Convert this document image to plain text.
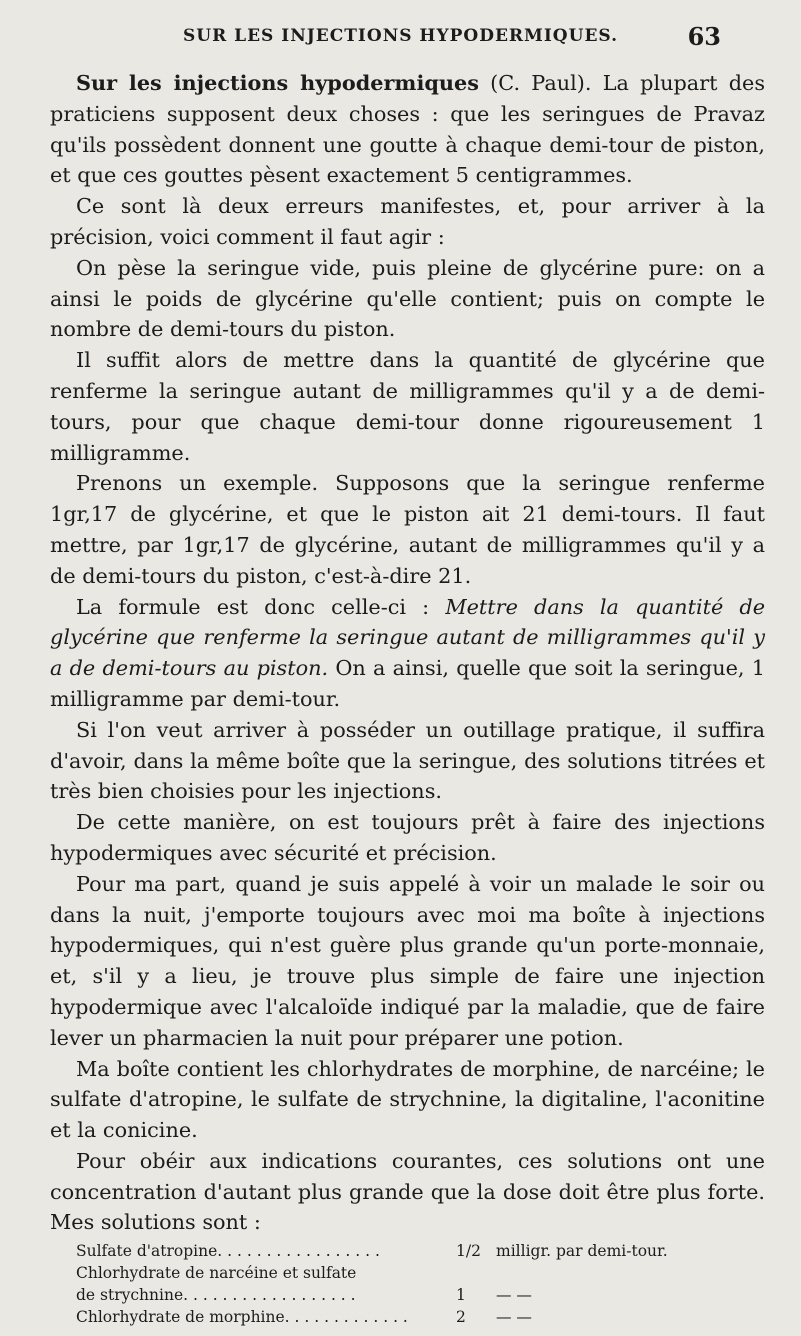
SUR LES INJECTIONS HYPODERMIQUES.	63

Sur les injections hypodermiques (C. Paul). La plupart des praticiens supposent deux choses : que les seringues de Pravaz qu'ils possèdent donnent une goutte à chaque demi-tour de piston, et que ces gouttes pèsent exactement 5 centigrammes.

Ce sont là deux erreurs manifestes, et, pour arriver à la précision, voici comment il faut agir :

On pèse la seringue vide, puis pleine de glycérine pure: on a ainsi le poids de glycérine qu'elle contient; puis on compte le nombre de demi-tours du piston.

Il suffit alors de mettre dans la quantité de glycérine que renferme la seringue autant de milligrammes qu'il y a de demi-tours, pour que chaque demi-tour donne rigoureusement 1 milligramme.

Prenons un exemple. Supposons que la seringue renferme 1gr,17 de glycérine, et que le piston ait 21 demi-tours. Il faut mettre, par 1gr,17 de glycérine, autant de milligrammes qu'il y a de demi-tours du piston, c'est-à-dire 21.

La formule est donc celle-ci : Mettre dans la quantité de glycérine que renferme la seringue autant de milligrammes qu'il y a de demi-tours au piston. On a ainsi, quelle que soit la seringue, 1 milligramme par demi-tour.

Si l'on veut arriver à posséder un outillage pratique, il suffira d'avoir, dans la même boîte que la seringue, des solutions titrées et très bien choisies pour les injections.

De cette manière, on est toujours prêt à faire des injections hypodermiques avec sécurité et précision.

Pour ma part, quand je suis appelé à voir un malade le soir ou dans la nuit, j'emporte toujours avec moi ma boîte à injections hypodermiques, qui n'est guère plus grande qu'un porte-monnaie, et, s'il y a lieu, je trouve plus simple de faire une injection hypodermique avec l'alcaloïde indiqué par la maladie, que de faire lever un pharmacien la nuit pour préparer une potion.

Ma boîte contient les chlorhydrates de morphine, de narcéine; le sulfate d'atropine, le sulfate de strychnine, la digitaline, l'aconitine et la conicine.

Pour obéir aux indications courantes, ces solutions ont une concentration d'autant plus grande que la dose doit être plus forte. Mes solutions sont :

Sulfate d'atropine . . . . . . . . . . . . . . . . .	1/2 milligr. par demi-tour.
Chlorhydrate de narcéine et sulfate
de strychnine . . . . . . . . . . . . . . . . . .	1	— —
Chlorhydrate de morphine . . . . . . . . . . . . .	2	— —
